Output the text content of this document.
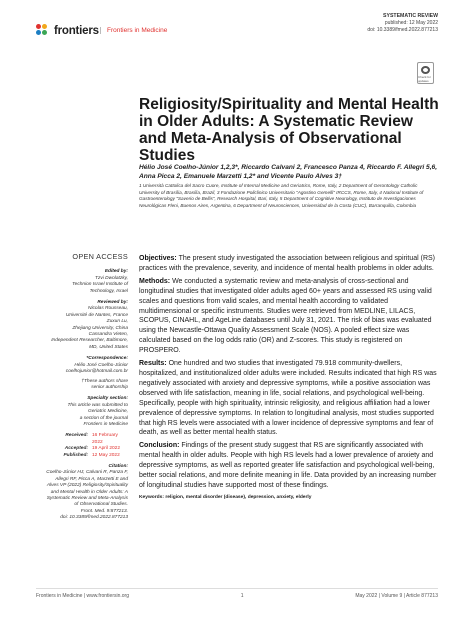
frontiers	Frontiers in Medicine
SYSTEMATIC REVIEW
published: 12 May 2022
doi: 10.3389/fmed.2022.877213
Check for updates
Religiosity/Spirituality and Mental Health in Older Adults: A Systematic Review and Meta-Analysis of Observational Studies
Hélio José Coelho-Júnior 1,2,3*, Riccardo Calvani 2, Francesco Panza 4, Riccardo F. Allegri 5,6, Anna Picca 2, Emanuele Marzetti 1,2* and Vicente Paulo Alves 3†
1 Università Cattolica del Sacro Cuore, Institute of Internal Medicine and Geriatrics, Rome, Italy, 2 Department of Gerontology Catholic University of Brasília, Brasília, Brazil, 3 Fondazione Policlinico Universitario "Agostino Gemelli" IRCCS, Rome, Italy, 4 National Institute of Gastroenterology "Saverio de Bellis", Research Hospital, Bari, Italy, 5 Department of Cognitive Neurology, Instituto de Investigaciones Neurológicas Fleni, Buenos Aires, Argentina, 6 Department of Neurosciences, Universidad de la Costa (CUC), Barranquilla, Colombia
OPEN ACCESS
Edited by:
Tzvi Dwolatzky,
Technion Israel Institute of
Technology, Israel
Reviewed by:
Nicolas Rousseau,
Université de Nantes, France
Zuxun Lu,
Zhejiang University, China
Cassandra Vieten,
Independent Researcher, Baltimore,
MD, United States
*Correspondence:
Hélio José Coelho-Júnior
coelhojunior@hotmail.com.br
†These authors share
senior authorship
Specialty section:
This article was submitted to
Geriatric Medicine,
a section of the journal
Frontiers in Medicine
Received: 16 February 2022
Accepted: 19 April 2022
Published: 12 May 2022
Citation:
Coelho-Júnior HJ, Calvani R, Panza F,
Allegri RF, Picca A, Marzetti E and
Alves VP (2022) Religiosity/Spirituality
and Mental Health in Older Adults: A
Systematic Review and Meta-Analysis
of Observational Studies.
Front. Med. 9:877213.
doi: 10.3389/fmed.2022.877213

Objectives: The present study investigated the association between religious and spiritual (RS) practices with the prevalence, severity, and incidence of mental health problems in older adults.

Methods: We conducted a systematic review and meta-analysis of cross-sectional and longitudinal studies that investigated older adults aged 60+ years and assessed RS using valid scales and questions from valid scales, and mental health according to validated multidimensional or specific instruments. Studies were retrieved from MEDLINE, LILACS, SCOPUS, CINAHL, and AgeLine databases until July 31, 2021. The risk of bias was evaluated using the Newcastle-Ottawa Quality Assessment Scale (NOS). A pooled effect size was calculated based on the log odds ratio (OR) and Z-scores. This study is registered on PROSPERO.

Results: One hundred and two studies that investigated 79.918 community-dwellers, hospitalized, and institutionalized older adults were included. Results indicated that high RS was negatively associated with anxiety and depressive symptoms, while a positive association was observed with life satisfaction, meaning in life, social relations, and psychological well-being. Specifically, people with high spirituality, intrinsic religiosity, and religious affiliation had a lower prevalence of depressive symptoms. In relation to longitudinal analysis, most studies supported that high RS levels were associated with a lower incidence of depressive symptoms and fear of death, as well as better mental health status.

Conclusion: Findings of the present study suggest that RS are significantly associated with mental health in older adults. People with high RS levels had a lower prevalence of anxiety and depressive symptoms, as well as reported greater life satisfaction and psychological well-being, better social relations, and more definite meaning in life. Data provided by an increasing number of longitudinal studies have supported most of these findings.

Keywords: religion, mental disorder (disease), depression, anxiety, elderly
Frontiers in Medicine | www.frontiersin.org	1	May 2022 | Volume 9 | Article 877213
